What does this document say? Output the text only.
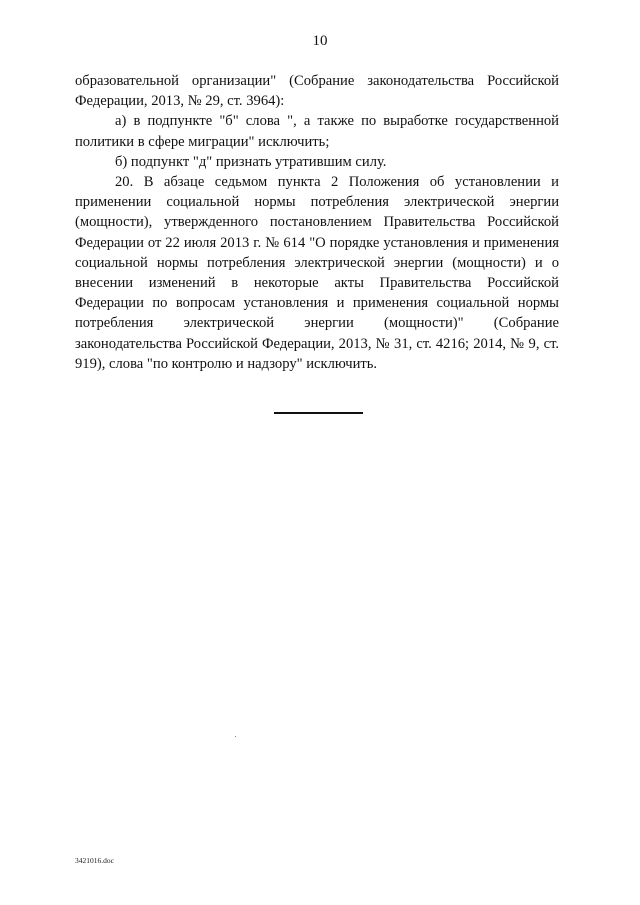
10

образовательной организации" (Собрание законодательства Российской Федерации, 2013, № 29, ст. 3964):

а) в подпункте "б" слова ", а также по выработке государственной политики в сфере миграции" исключить;

б) подпункт "д" признать утратившим силу.

20. В абзаце седьмом пункта 2 Положения об установлении и применении социальной нормы потребления электрической энергии (мощности), утвержденного постановлением Правительства Российской Федерации от 22 июля 2013 г. № 614 "О порядке установления и применения социальной нормы потребления электрической энергии (мощности) и о внесении изменений в некоторые акты Правительства Российской Федерации по вопросам установления и применения социальной нормы потребления электрической энергии (мощности)" (Собрание законодательства Российской Федерации, 2013, № 31, ст. 4216; 2014, № 9, ст. 919), слова "по контролю и надзору" исключить.

3421016.doc
